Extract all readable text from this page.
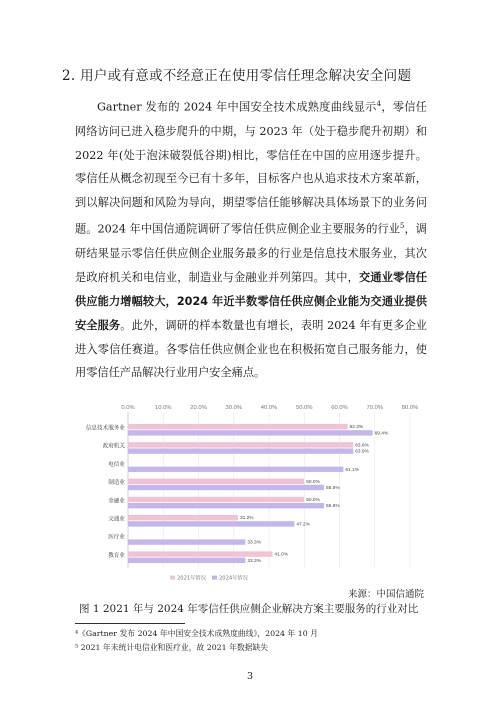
2. 用户或有意或不经意正在使用零信任理念解决安全问题

Gartner 发布的 2024 年中国安全技术成熟度曲线显示$^4$，零信任网络访问已进入稳步爬升的中期，与 2023 年（处于稳步爬升初期）和 2022 年(处于泡沫破裂低谷期)相比，零信任在中国的应用逐步提升。零信任从概念初现至今已有十多年，目标客户也从追求技术方案革新，到以解决问题和风险为导向，期望零信任能够解决具体场景下的业务问题。2024 年中国信通院调研了零信任供应侧企业主要服务的行业$^5$，调研结果显示零信任供应侧企业服务最多的行业是信息技术服务业，其次是政府机关和电信业，制造业与金融业并列第四。其中，交通业零信任供应能力增幅较大，2024 年近半数零信任供应侧企业能为交通业提供安全服务。此外，调研的样本数量也有增长，表明 2024 年有更多企业进入零信任赛道。各零信任供应侧企业也在积极拓宽自己服务能力，使用零信任产品解决行业用户安全痛点。

0.0%	10.0%	20.0%	30.0%	40.0%	50.0%	60.0%	70.0%	80.0%
信息技术服务业	62.3%
69.4%
政府机关	63.9%
63.9%
电信业
61.1%
制造业	50.0%
55.6%
金融业	50.0%
55.6%
交通业	31.2%
47.2%
医疗业
33.3%
教育业	41.0%
33.3%
2021年情况	2024年情况
来源：中国信通院
图 1 2021 年与 2024 年零信任供应侧企业解决方案主要服务的行业对比
⁴《Gartner 发布 2024 年中国安全技术成熟度曲线》，2024 年 10 月
⁵ 2021 年未统计电信业和医疗业，故 2021 年数据缺失
3
